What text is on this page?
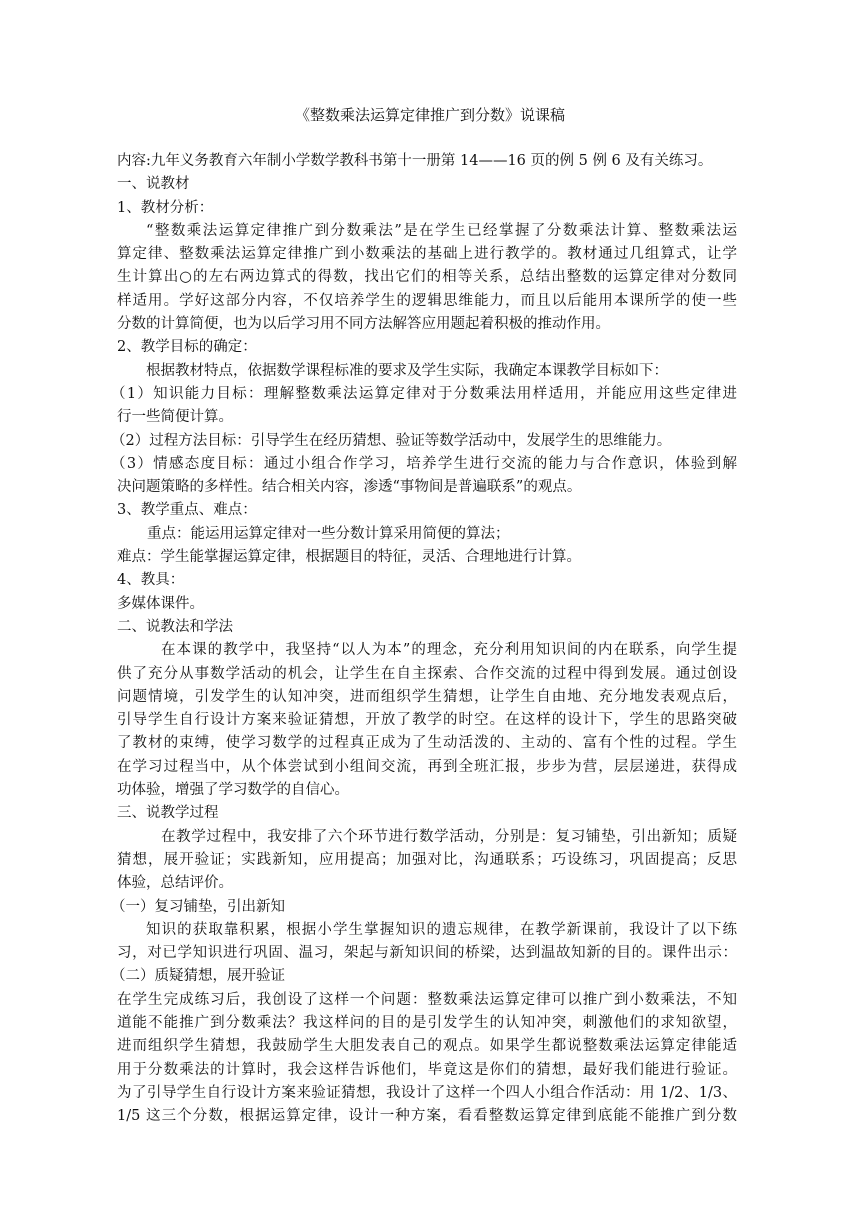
《整数乘法运算定律推广到分数》说课稿
内容:九年义务教育六年制小学数学教科书第十一册第 14——16 页的例 5 例 6 及有关练习。
一、说教材
1、教材分析：
“整数乘法运算定律推广到分数乘法”是在学生已经掌握了分数乘法计算、整数乘法运
算定律、整数乘法运算定律推广到小数乘法的基础上进行教学的。教材通过几组算式，让学
生计算出○的左右两边算式的得数，找出它们的相等关系，总结出整数的运算定律对分数同
样适用。学好这部分内容，不仅培养学生的逻辑思维能力，而且以后能用本课所学的使一些
分数的计算简便，也为以后学习用不同方法解答应用题起着积极的推动作用。
2、教学目标的确定：
根据教材特点，依据数学课程标准的要求及学生实际，我确定本课教学目标如下：
（1）知识能力目标：理解整数乘法运算定律对于分数乘法用样适用，并能应用这些定律进
行一些简便计算。
（2）过程方法目标：引导学生在经历猜想、验证等数学活动中，发展学生的思维能力。
（3）情感态度目标：通过小组合作学习，培养学生进行交流的能力与合作意识，体验到解
决问题策略的多样性。结合相关内容，渗透“事物间是普遍联系”的观点。
3、教学重点、难点：
重点：能运用运算定律对一些分数计算采用简便的算法；
难点：学生能掌握运算定律，根据题目的特征，灵活、合理地进行计算。
4、教具：
多媒体课件。
二、说教法和学法
在本课的教学中，我坚持“以人为本”的理念，充分利用知识间的内在联系，向学生提
供了充分从事数学活动的机会，让学生在自主探索、合作交流的过程中得到发展。通过创设
问题情境，引发学生的认知冲突，进而组织学生猜想，让学生自由地、充分地发表观点后，
引导学生自行设计方案来验证猜想，开放了教学的时空。在这样的设计下，学生的思路突破
了教材的束缚，使学习数学的过程真正成为了生动活泼的、主动的、富有个性的过程。学生
在学习过程当中，从个体尝试到小组间交流，再到全班汇报，步步为营，层层递进，获得成
功体验，增强了学习数学的自信心。
三、说教学过程
在教学过程中，我安排了六个环节进行数学活动，分别是：复习铺垫，引出新知；质疑
猜想，展开验证；实践新知，应用提高；加强对比，沟通联系；巧设练习，巩固提高；反思
体验，总结评价。
（一）复习铺垫，引出新知
知识的获取靠积累，根据小学生掌握知识的遗忘规律，在教学新课前，我设计了以下练
习，对已学知识进行巩固、温习，架起与新知识间的桥梁，达到温故知新的目的。课件出示：
（二）质疑猜想，展开验证
在学生完成练习后，我创设了这样一个问题：整数乘法运算定律可以推广到小数乘法，不知
道能不能推广到分数乘法？我这样问的目的是引发学生的认知冲突，刺激他们的求知欲望，
进而组织学生猜想，我鼓励学生大胆发表自己的观点。如果学生都说整数乘法运算定律能适
用于分数乘法的计算时，我会这样告诉他们，毕竟这是你们的猜想，最好我们能进行验证。
为了引导学生自行设计方案来验证猜想，我设计了这样一个四人小组合作活动：用 1/2、1/3、
1/5 这三个分数，根据运算定律，设计一种方案，看看整数运算定律到底能不能推广到分数
